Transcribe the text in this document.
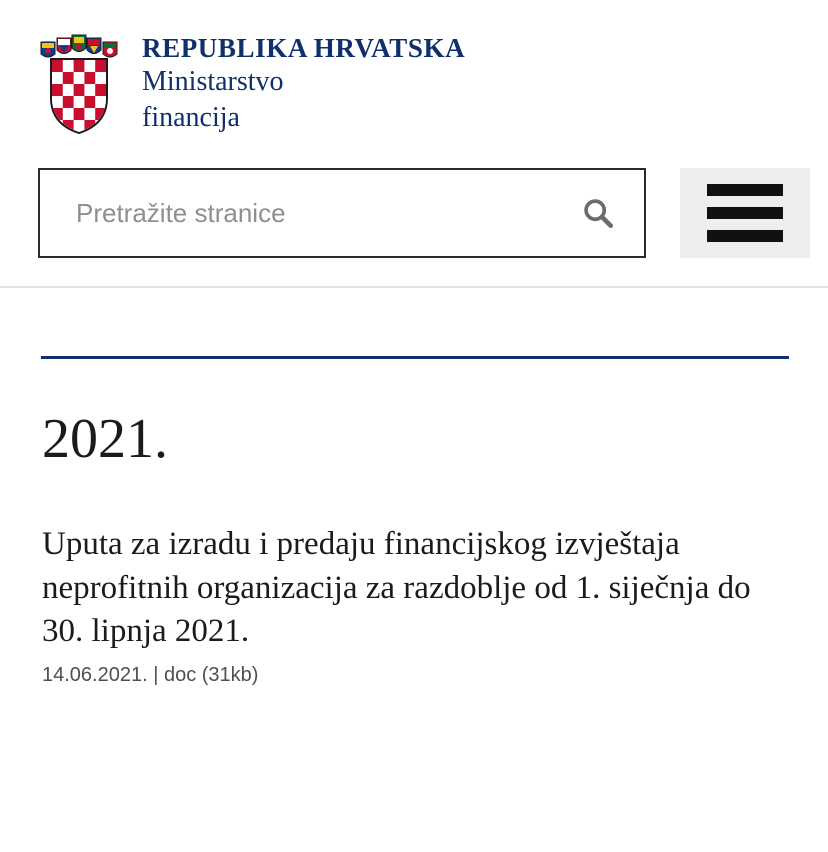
REPUBLIKA HRVATSKA
Ministarstvo
financija
Pretražite stranice
2021.
Uputa za izradu i predaju financijskog izvještaja neprofitnih organizacija za razdoblje od 1. siječnja do 30. lipnja 2021.
14.06.2021. | doc (31kb)
